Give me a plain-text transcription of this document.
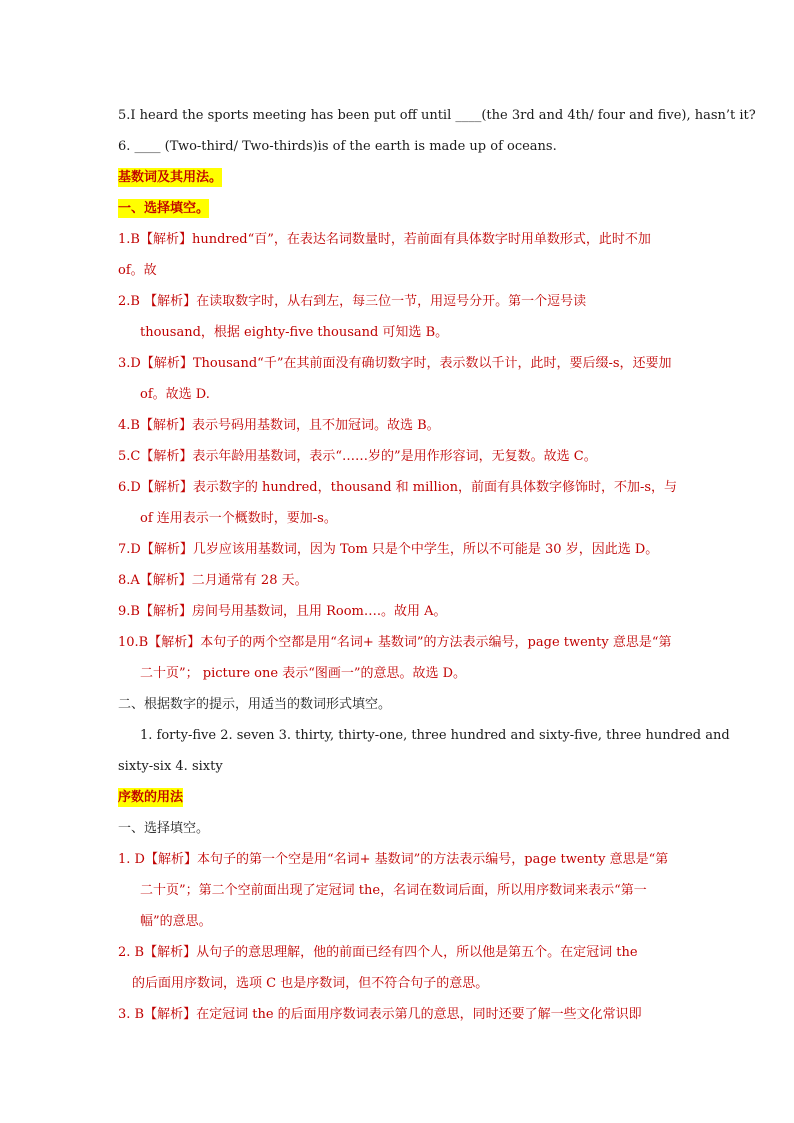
5.I heard the sports meeting has been put off until ____(the 3rd and 4th/ four and five), hasn’t it?
6. ____ (Two-third/ Two-thirds)is of the earth is made up of oceans.
基数词及其用法。
一、选择填空。
1.B【解析】hundred“百”，在表达名词数量时，若前面有具体数字时用单数形式，此时不加
of。故
2.B 【解析】在读取数字时，从右到左，每三位一节，用逗号分开。第一个逗号读
thousand，根据 eighty-five thousand 可知选 B。
3.D【解析】Thousand“千”在其前面没有确切数字时，表示数以千计，此时，要后缀-s，还要加
of。故选 D.
4.B【解析】表示号码用基数词，且不加冠词。故选 B。
5.C【解析】表示年龄用基数词，表示“……岁的”是用作形容词，无复数。故选 C。
6.D【解析】表示数字的 hundred，thousand 和 million，前面有具体数字修饰时，不加-s，与
of 连用表示一个概数时，要加-s。
7.D【解析】几岁应该用基数词，因为 Tom 只是个中学生，所以不可能是 30 岁，因此选 D。
8.A【解析】二月通常有 28 天。
9.B【解析】房间号用基数词，且用 Room….。故用 A。
10.B【解析】本句子的两个空都是用“名词+ 基数词”的方法表示编号，page twenty 意思是“第
二十页”； picture one 表示“图画一”的意思。故选 D。
二、根据数字的提示，用适当的数词形式填空。
1. forty-five 2. seven 3. thirty, thirty-one, three hundred and sixty-five, three hundred and
sixty-six 4. sixty
序数的用法
一、选择填空。
1. D【解析】本句子的第一个空是用“名词+ 基数词”的方法表示编号，page twenty 意思是“第
二十页”；第二个空前面出现了定冠词 the，名词在数词后面，所以用序数词来表示“第一
幅”的意思。
2. B【解析】从句子的意思理解，他的前面已经有四个人，所以他是第五个。在定冠词 the
的后面用序数词，选项 C 也是序数词，但不符合句子的意思。
3. B【解析】在定冠词 the 的后面用序数词表示第几的意思，同时还要了解一些文化常识即
